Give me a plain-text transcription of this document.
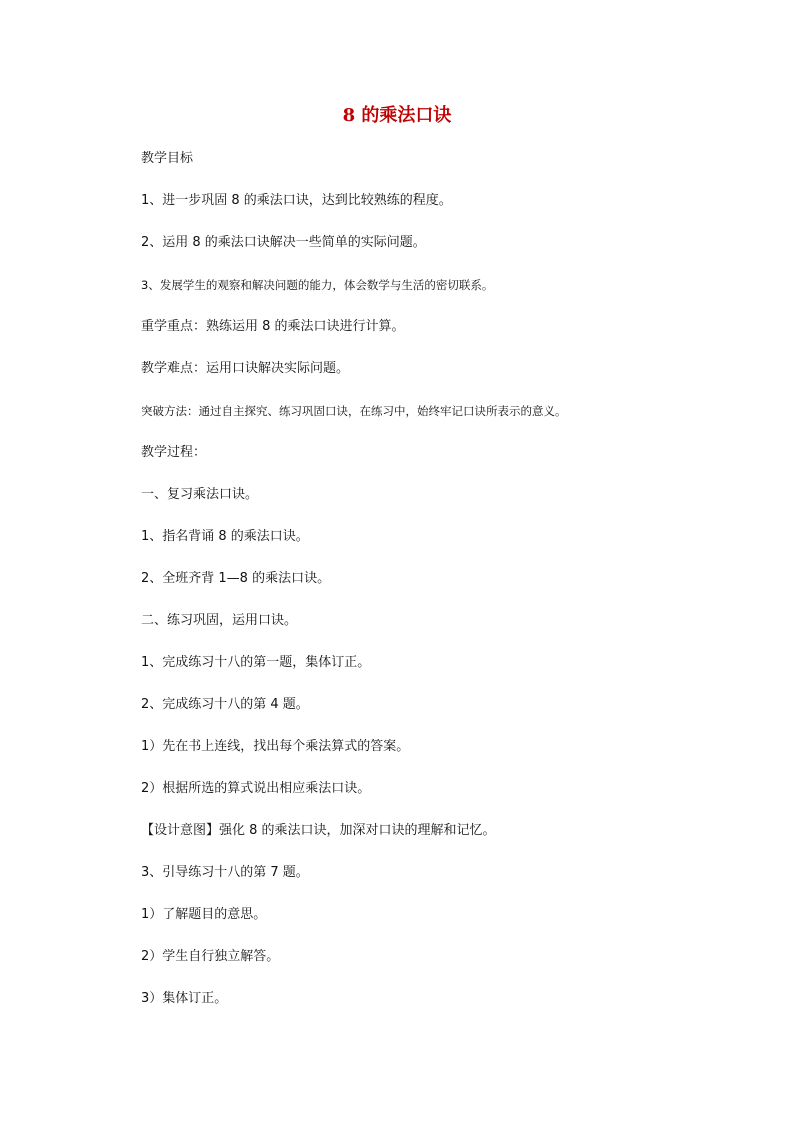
8 的乘法口诀
教学目标
1、进一步巩固 8 的乘法口诀，达到比较熟练的程度。
2、运用 8 的乘法口诀解决一些简单的实际问题。
3、发展学生的观察和解决问题的能力，体会数学与生活的密切联系。
重学重点：熟练运用 8 的乘法口诀进行计算。
教学难点：运用口诀解决实际问题。
突破方法：通过自主探究、练习巩固口诀，在练习中，始终牢记口诀所表示的意义。
教学过程：
一、复习乘法口诀。
1、指名背诵 8 的乘法口诀。
2、全班齐背 1—8 的乘法口诀。
二、练习巩固，运用口诀。
1、完成练习十八的第一题，集体订正。
2、完成练习十八的第 4 题。
1）先在书上连线，找出每个乘法算式的答案。
2）根据所选的算式说出相应乘法口诀。
【设计意图】强化 8 的乘法口诀，加深对口诀的理解和记忆。
3、引导练习十八的第 7 题。
1）了解题目的意思。
2）学生自行独立解答。
3）集体订正。
